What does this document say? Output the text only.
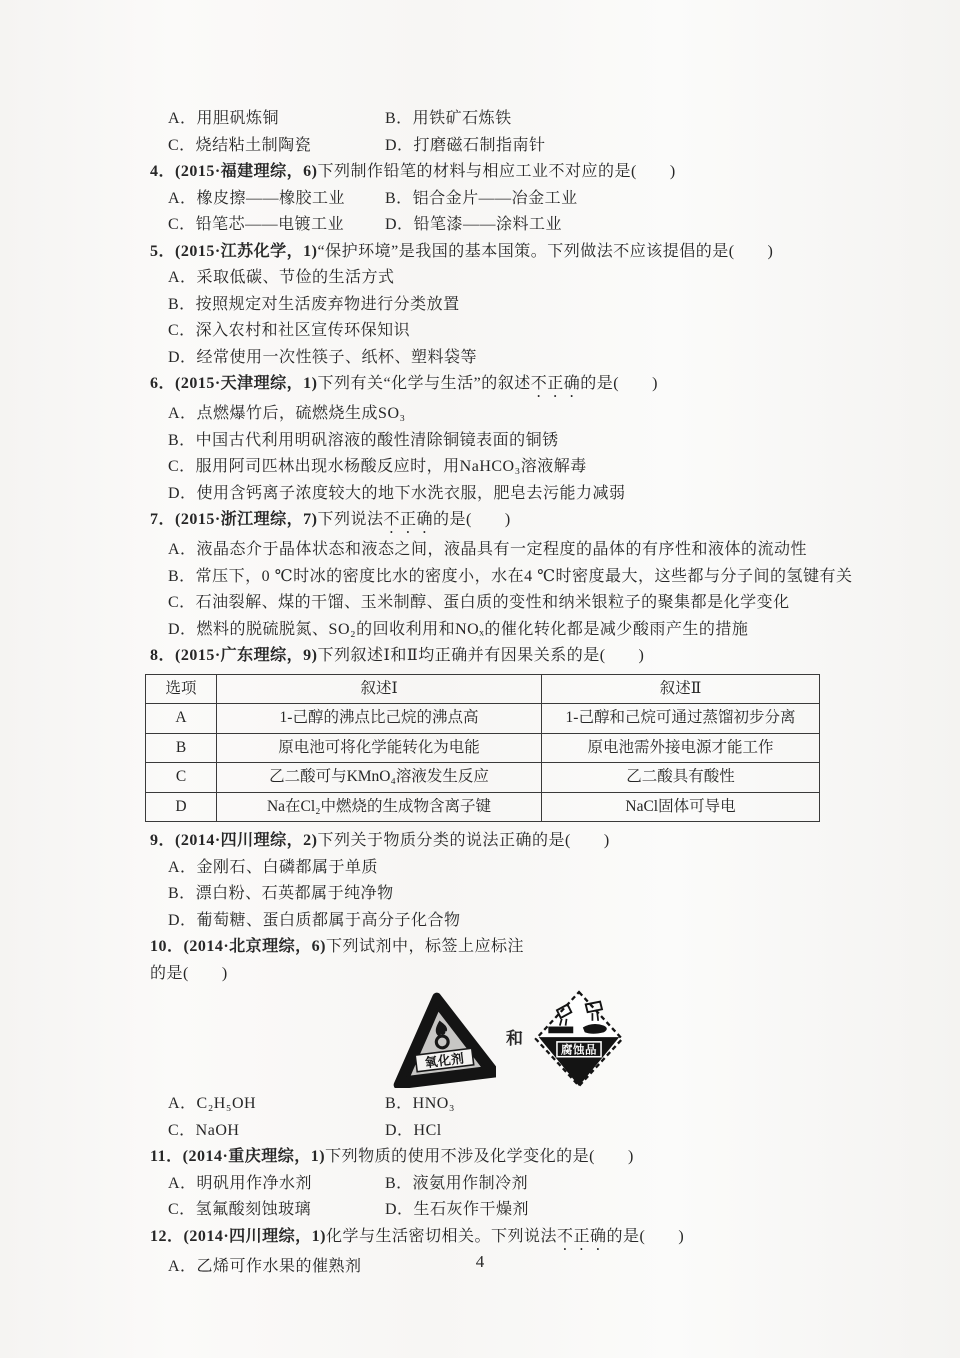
A．用胆矾炼铜	B．用铁矿石炼铁
C．烧结粘土制陶瓷	D．打磨磁石制指南针
4．(2015·福建理综，6)下列制作铅笔的材料与相应工业不对应的是(　　)
A．橡皮擦——橡胶工业	B．铝合金片——冶金工业
C．铅笔芯——电镀工业	D．铅笔漆——涂料工业
5．(2015·江苏化学，1)“保护环境”是我国的基本国策。下列做法不应该提倡的是(　　)
A．采取低碳、节俭的生活方式
B．按照规定对生活废弃物进行分类放置
C．深入农村和社区宣传环保知识
D．经常使用一次性筷子、纸杯、塑料袋等
6．(2015·天津理综，1)下列有关“化学与生活”的叙述不正确的是(　　)
A．点燃爆竹后，硫燃烧生成SO₃
B．中国古代利用明矾溶液的酸性清除铜镜表面的铜锈
C．服用阿司匹林出现水杨酸反应时，用NaHCO₃溶液解毒
D．使用含钙离子浓度较大的地下水洗衣服，肥皂去污能力减弱
7．(2015·浙江理综，7)下列说法不正确的是(　　)
A．液晶态介于晶体状态和液态之间，液晶具有一定程度的晶体的有序性和液体的流动性
B．常压下，0 ℃时冰的密度比水的密度小，水在4 ℃时密度最大，这些都与分子间的氢键有关
C．石油裂解、煤的干馏、玉米制醇、蛋白质的变性和纳米银粒子的聚集都是化学变化
D．燃料的脱硫脱氮、SO₂的回收利用和NOₓ的催化转化都是减少酸雨产生的措施
8．(2015·广东理综，9)下列叙述Ⅰ和Ⅱ均正确并有因果关系的是(　　)
选项	叙述Ⅰ	叙述Ⅱ
A	1-己醇的沸点比己烷的沸点高	1-己醇和己烷可通过蒸馏初步分离
B	原电池可将化学能转化为电能	原电池需外接电源才能工作
C	乙二酸可与KMnO₄溶液发生反应	乙二酸具有酸性
D	Na在Cl₂中燃烧的生成物含离子键	NaCl固体可导电
9．(2014·四川理综，2)下列关于物质分类的说法正确的是(　　)
A．金刚石、白磷都属于单质
B．漂白粉、石英都属于纯净物
D．葡萄糖、蛋白质都属于高分子化合物
10．(2014·北京理综，6)下列试剂中，标签上应标注
的是(　　)
氧化剂
和
腐蚀品
A．C₂H₅OH	B．HNO₃
C．NaOH	D．HCl
11．(2014·重庆理综，1)下列物质的使用不涉及化学变化的是(　　)
A．明矾用作净水剂	B．液氨用作制冷剂
C．氢氟酸刻蚀玻璃	D．生石灰作干燥剂
12．(2014·四川理综，1)化学与生活密切相关。下列说法不正确的是(　　)
A．乙烯可作水果的催熟剂	4
